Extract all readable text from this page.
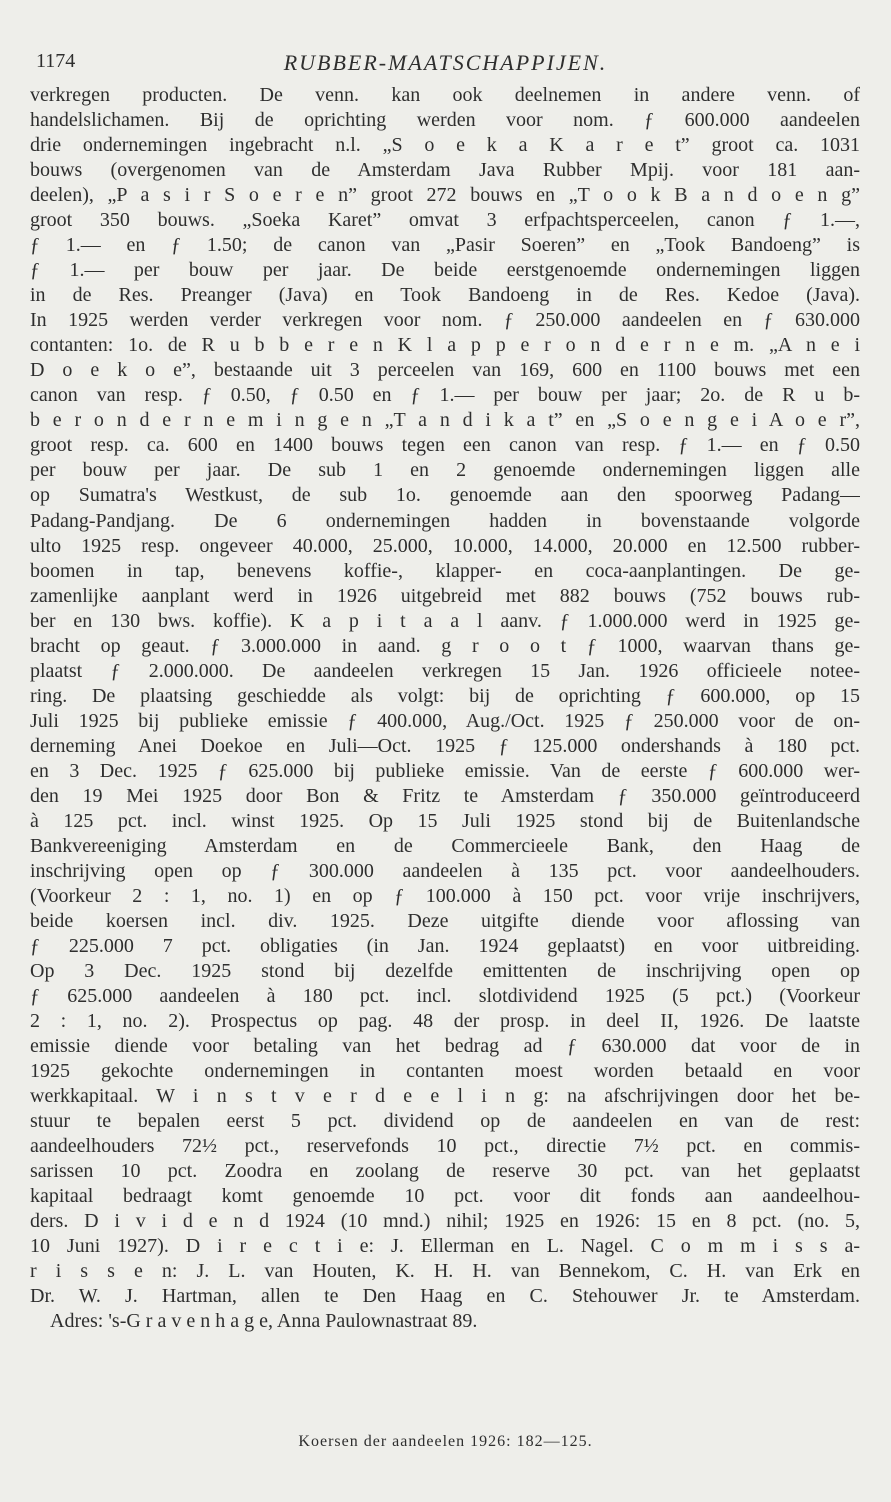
1174	RUBBER-MAATSCHAPPIJEN.
verkregen producten. De venn. kan ook deelnemen in andere venn. of
handelslichamen. Bij de oprichting werden voor nom. ƒ 600.000 aandeelen
drie ondernemingen ingebracht n.l. „S o e k a K a r e t” groot ca. 1031
bouws (overgenomen van de Amsterdam Java Rubber Mpij. voor 181 aan-
deelen), „P a s i r S o e r e n” groot 272 bouws en „T o o k B a n d o e n g”
groot 350 bouws. „Soeka Karet” omvat 3 erfpachtsperceelen, canon ƒ 1.—,
ƒ 1.— en ƒ 1.50; de canon van „Pasir Soeren” en „Took Bandoeng” is
ƒ 1.— per bouw per jaar. De beide eerstgenoemde ondernemingen liggen
in de Res. Preanger (Java) en Took Bandoeng in de Res. Kedoe (Java).
In 1925 werden verder verkregen voor nom. ƒ 250.000 aandeelen en ƒ 630.000
contanten: 1o. de R u b b e r e n K l a p p e r o n d e r n e m. „A n e i
D o e k o e”, bestaande uit 3 perceelen van 169, 600 en 1100 bouws met een
canon van resp. ƒ 0.50, ƒ 0.50 en ƒ 1.— per bouw per jaar; 2o. de R u b-
b e r o n d e r n e m i n g e n „T a n d i k a t” en „S o e n g e i A o e r”,
groot resp. ca. 600 en 1400 bouws tegen een canon van resp. ƒ 1.— en ƒ 0.50
per bouw per jaar. De sub 1 en 2 genoemde ondernemingen liggen alle
op Sumatra's Westkust, de sub 1o. genoemde aan den spoorweg Padang—
Padang-Pandjang. De 6 ondernemingen hadden in bovenstaande volgorde
ulto 1925 resp. ongeveer 40.000, 25.000, 10.000, 14.000, 20.000 en 12.500 rubber-
boomen in tap, benevens koffie-, klapper- en coca-aanplantingen. De ge-
zamenlijke aanplant werd in 1926 uitgebreid met 882 bouws (752 bouws rub-
ber en 130 bws. koffie). K a p i t a a l aanv. ƒ 1.000.000 werd in 1925 ge-
bracht op geaut. ƒ 3.000.000 in aand. g r o o t ƒ 1000, waarvan thans ge-
plaatst ƒ 2.000.000. De aandeelen verkregen 15 Jan. 1926 officieele notee-
ring. De plaatsing geschiedde als volgt: bij de oprichting ƒ 600.000, op 15
Juli 1925 bij publieke emissie ƒ 400.000, Aug./Oct. 1925 ƒ 250.000 voor de on-
derneming Anei Doekoe en Juli—Oct. 1925 ƒ 125.000 ondershands à 180 pct.
en 3 Dec. 1925 ƒ 625.000 bij publieke emissie. Van de eerste ƒ 600.000 wer-
den 19 Mei 1925 door Bon & Fritz te Amsterdam ƒ 350.000 geïntroduceerd
à 125 pct. incl. winst 1925. Op 15 Juli 1925 stond bij de Buitenlandsche
Bankvereeniging Amsterdam en de Commercieele Bank, den Haag de
inschrijving open op ƒ 300.000 aandeelen à 135 pct. voor aandeelhouders.
(Voorkeur 2 : 1, no. 1) en op ƒ 100.000 à 150 pct. voor vrije inschrijvers,
beide koersen incl. div. 1925. Deze uitgifte diende voor aflossing van
ƒ 225.000 7 pct. obligaties (in Jan. 1924 geplaatst) en voor uitbreiding.
Op 3 Dec. 1925 stond bij dezelfde emittenten de inschrijving open op
ƒ 625.000 aandeelen à 180 pct. incl. slotdividend 1925 (5 pct.) (Voorkeur
2 : 1, no. 2). Prospectus op pag. 48 der prosp. in deel II, 1926. De laatste
emissie diende voor betaling van het bedrag ad ƒ 630.000 dat voor de in
1925 gekochte ondernemingen in contanten moest worden betaald en voor
werkkapitaal. W i n s t v e r d e e l i n g: na afschrijvingen door het be-
stuur te bepalen eerst 5 pct. dividend op de aandeelen en van de rest:
aandeelhouders 72½ pct., reservefonds 10 pct., directie 7½ pct. en commis-
sarissen 10 pct. Zoodra en zoolang de reserve 30 pct. van het geplaatst
kapitaal bedraagt komt genoemde 10 pct. voor dit fonds aan aandeelhou-
ders. D i v i d e n d 1924 (10 mnd.) nihil; 1925 en 1926: 15 en 8 pct. (no. 5,
10 Juni 1927). D i r e c t i e: J. Ellerman en L. Nagel. C o m m i s s a-
r i s s e n: J. L. van Houten, K. H. H. van Bennekom, C. H. van Erk en
Dr. W. J. Hartman, allen te Den Haag en C. Stehouwer Jr. te Amsterdam.
Adres: 's-G r a v e n h a g e, Anna Paulownastraat 89.
Koersen der aandeelen 1926: 182—125.
